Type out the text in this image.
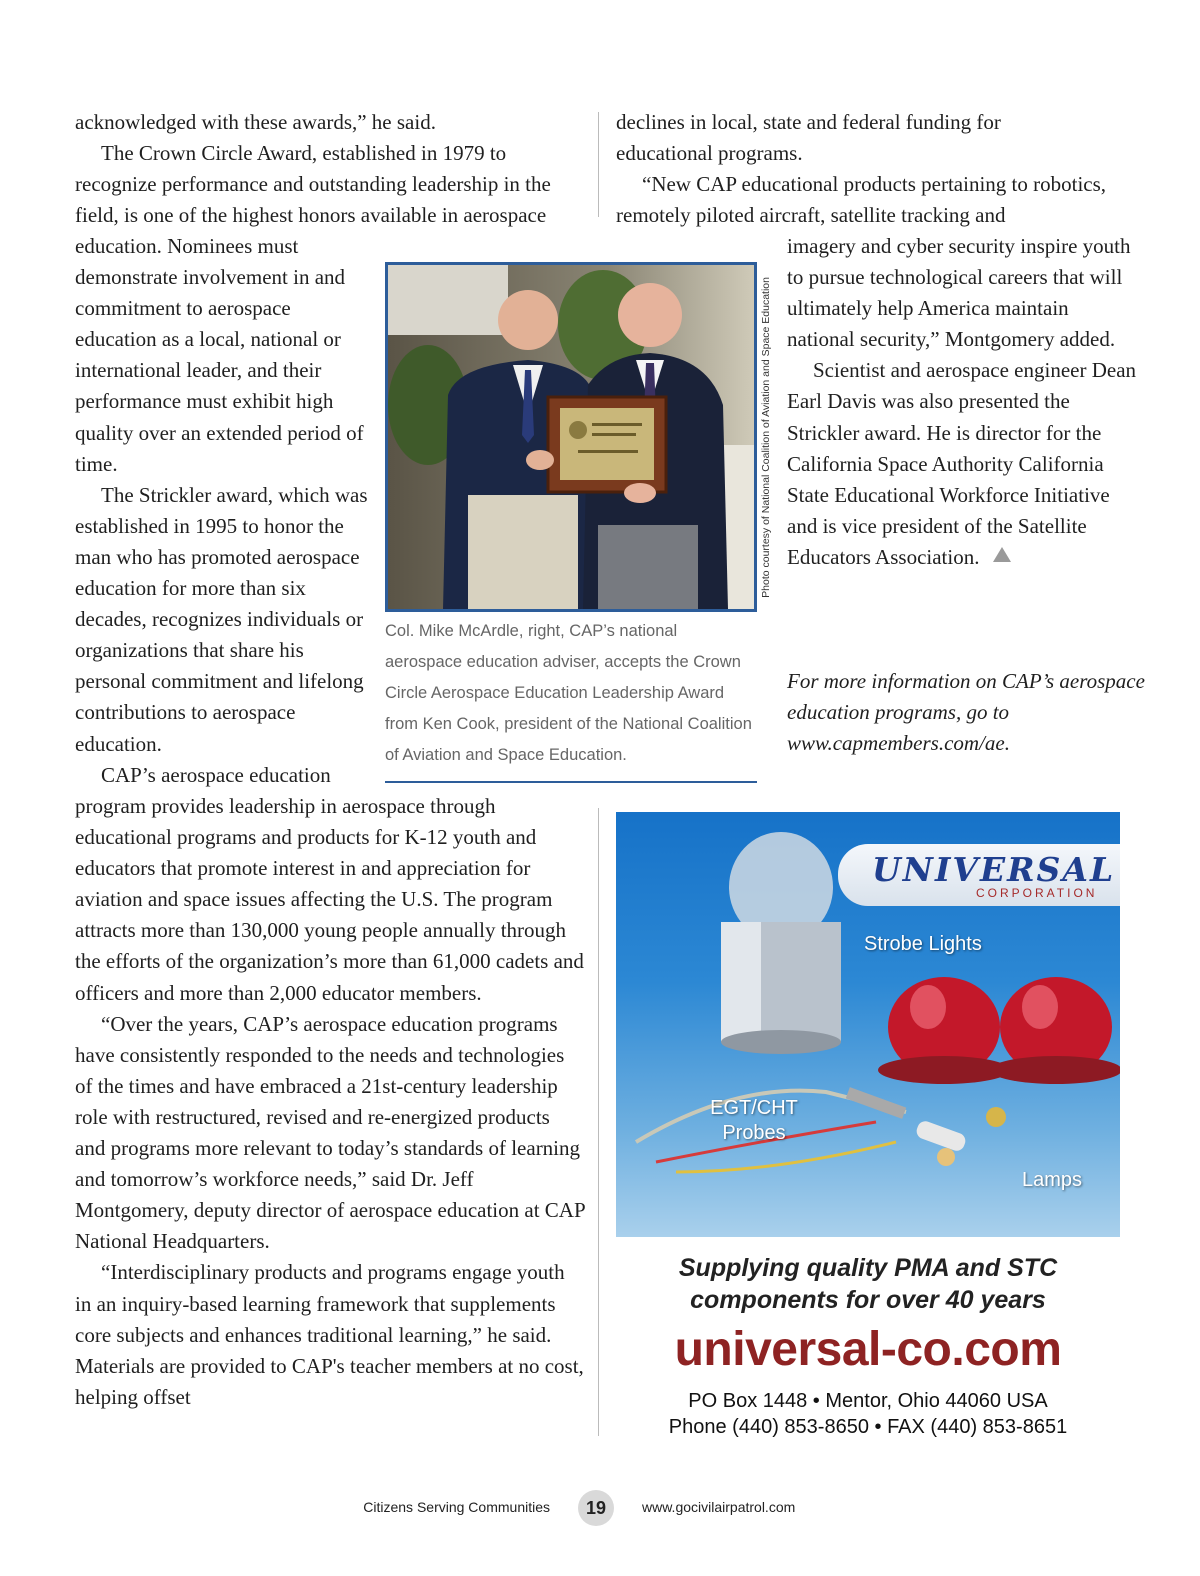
acknowledged with these awards,” he said.

The Crown Circle Award, established in 1979 to recognize performance and outstanding leadership in the field, is one of the highest honors available in aerospace

education. Nominees must demonstrate involvement in and commitment to aerospace education as a local, national or international leader, and their performance must exhibit high quality over an extended period of time.

The Strickler award, which was established in 1995 to honor the man who has promoted aerospace education for more than six decades, recognizes individuals or organizations that share his personal commitment and lifelong contributions to aerospace education.

CAP’s aerospace education

program provides leadership in aerospace through educational programs and products for K-12 youth and educators that promote interest in and appreciation for aviation and space issues affecting the U.S. The program attracts more than 130,000 young people annually through the efforts of the organization’s more than 61,000 cadets and officers and more than 2,000 educator members.

“Over the years, CAP’s aerospace education programs have consistently responded to the needs and technologies of the times and have embraced a 21st-century leadership role with restructured, revised and re-energized products and programs more relevant to today’s standards of learning and tomorrow’s workforce needs,” said Dr. Jeff Montgomery, deputy director of aerospace education at CAP National Headquarters.

“Interdisciplinary products and programs engage youth in an inquiry-based learning framework that supplements core subjects and enhances traditional learning,” he said. Materials are provided to CAP's teacher members at no cost, helping offset

declines in local, state and federal funding for educational programs.

“New CAP educational products pertaining to robotics, remotely piloted aircraft, satellite tracking and

imagery and cyber security inspire youth to pursue technological careers that will ultimately help America maintain national security,” Montgomery added.

Scientist and aerospace engineer Dean Earl Davis was also presented the Strickler award. He is director for the California Space Authority California State Educational Workforce Initiative and is vice president of the Satellite Educators Association.

For more information on CAP’s aerospace education programs, go to www.capmembers.com/ae.
Photo courtesy of National Coalition of Aviation and Space Education
Col. Mike McArdle, right, CAP’s national aerospace education adviser, accepts the Crown Circle Aerospace Education Leadership Award from Ken Cook, president of the National Coalition of Aviation and Space Education.
UNIVERSAL
CORPORATION
Strobe Lights
EGT/CHT
Probes
Lamps
Supplying quality PMA and STC
components for over 40 years
universal-co.com
PO Box 1448 • Mentor, Ohio 44060 USA
Phone (440) 853-8650 • FAX (440) 853-8651
Citizens Serving Communities	19	www.gocivilairpatrol.com
